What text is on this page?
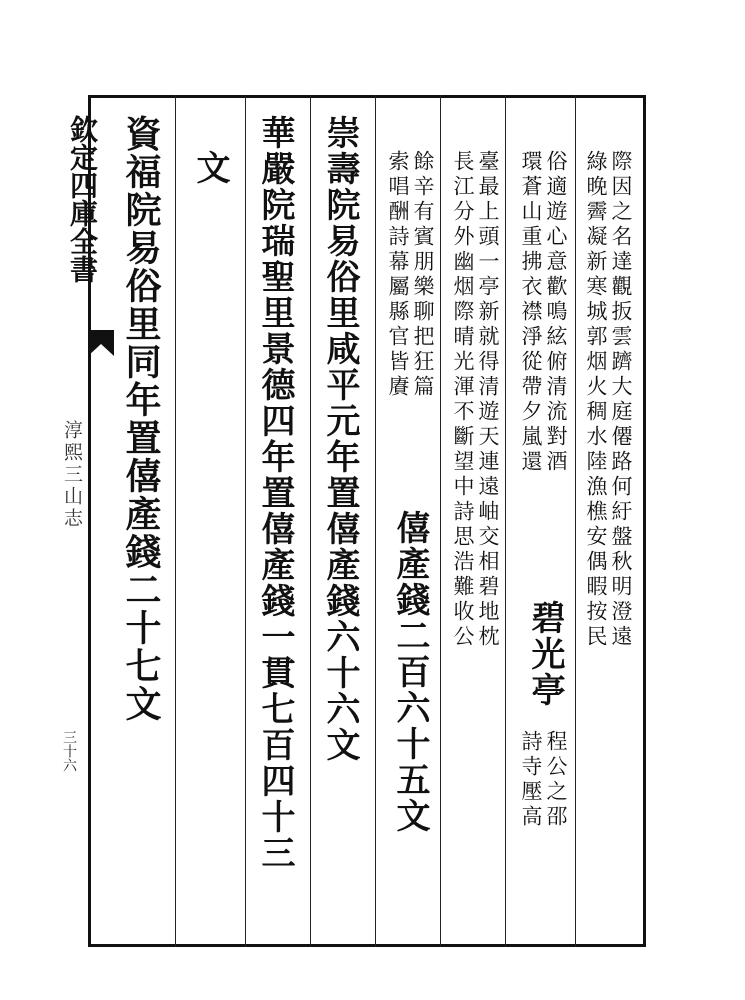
欽定四庫全書
淳熙三山志
三十六
際因之名達觀扳雲躋大庭僊路何紆盤秋明澄遠
綠晚霽凝新寒城郭烟火稠水陸漁樵安偶暇按民
俗適遊心意歡鳴絃俯清流對酒
環蒼山重拂衣襟淨從帶夕嵐還
碧光亭
程公之邵
詩寺壓高
臺最上頭一亭新就得清遊天連遠岫交相碧地枕
長江分外幽烟際晴光渾不斷望中詩思浩難收公
餘辛有賓朋樂聊把狂篇
索唱酬詩幕屬縣官皆賡
僖產錢二百六十五文
崇壽院易俗里咸平元年置僖產錢六十六文
華嚴院瑞聖里景德四年置僖產錢一貫七百四十三
文
資福院易俗里同年置僖產錢二十七文
